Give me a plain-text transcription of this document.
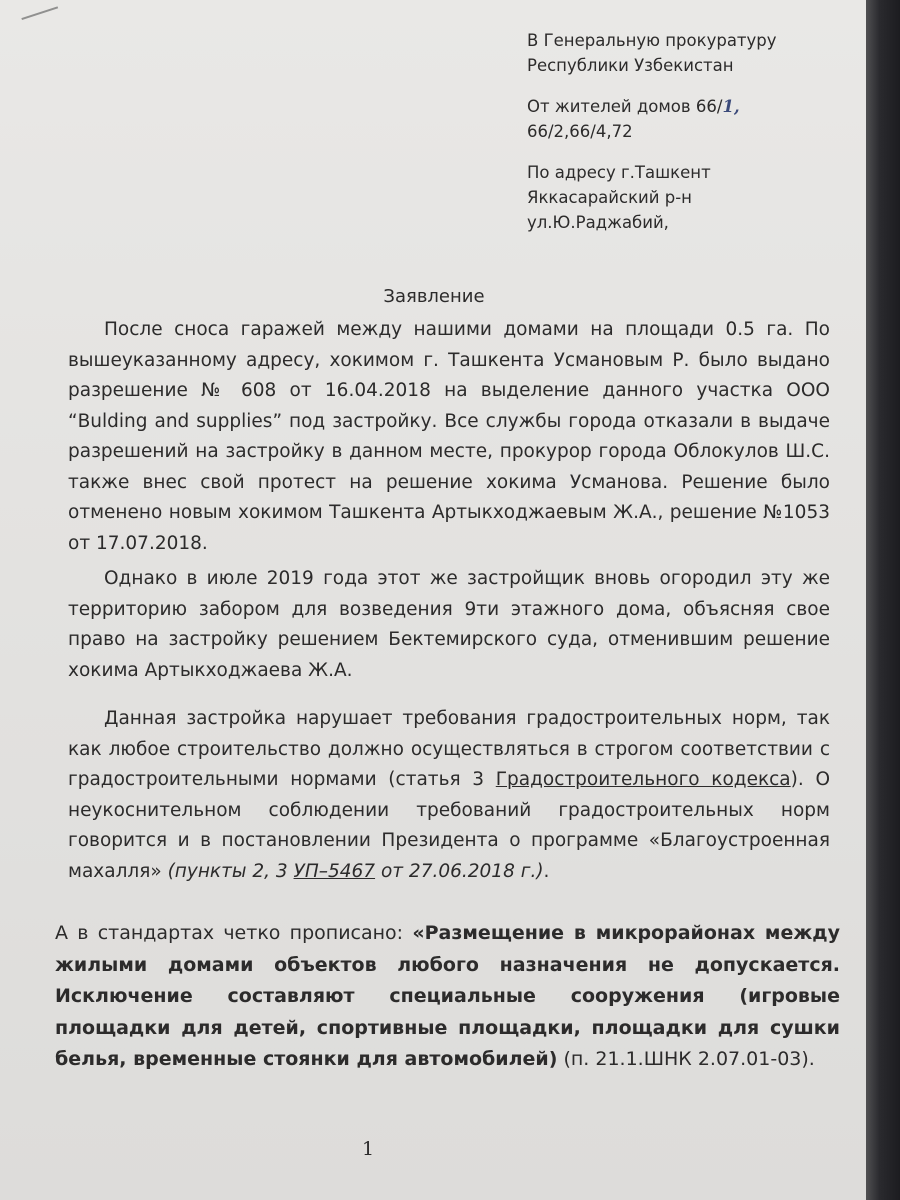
В Генеральную прокуратуру
Республики Узбекистан
От жителей домов 66/1,
66/2,66/4,72
По адресу г.Ташкент
Яккасарайский р-н
ул.Ю.Раджабий,
Заявление
После сноса гаражей между нашими домами на площади 0.5 га. По вышеуказанному адресу, хокимом г. Ташкента Усмановым Р. было выдано разрешение № 608 от 16.04.2018 на выделение данного участка ООО “Bulding and supplies” под застройку. Все службы города отказали в выдаче разрешений на застройку в данном месте, прокурор города Облокулов Ш.С. также внес свой протест на решение хокима Усманова. Решение было отменено новым хокимом Ташкента Артыкходжаевым Ж.А., решение №1053 от 17.07.2018.
Однако в июле 2019 года этот же застройщик вновь огородил эту же территорию забором для возведения 9ти этажного дома, объясняя свое право на застройку решением Бектемирского суда, отменившим решение хокима Артыкходжаева Ж.А.
Данная застройка нарушает требования градостроительных норм, так как любое строительство должно осуществляться в строгом соответствии с градостроительными нормами (статья 3 Градостроительного кодекса). О неукоснительном соблюдении требований градостроительных норм говорится и в постановлении Президента о программе «Благоустроенная махалля» (пункты 2, 3 УП–5467 от 27.06.2018 г.).
А в стандартах четко прописано: «Размещение в микрорайонах между жилыми домами объектов любого назначения не допускается. Исключение составляют специальные сооружения (игровые площадки для детей, спортивные площадки, площадки для сушки белья, временные стоянки для автомобилей) (п. 21.1.ШНК 2.07.01-03).
1
